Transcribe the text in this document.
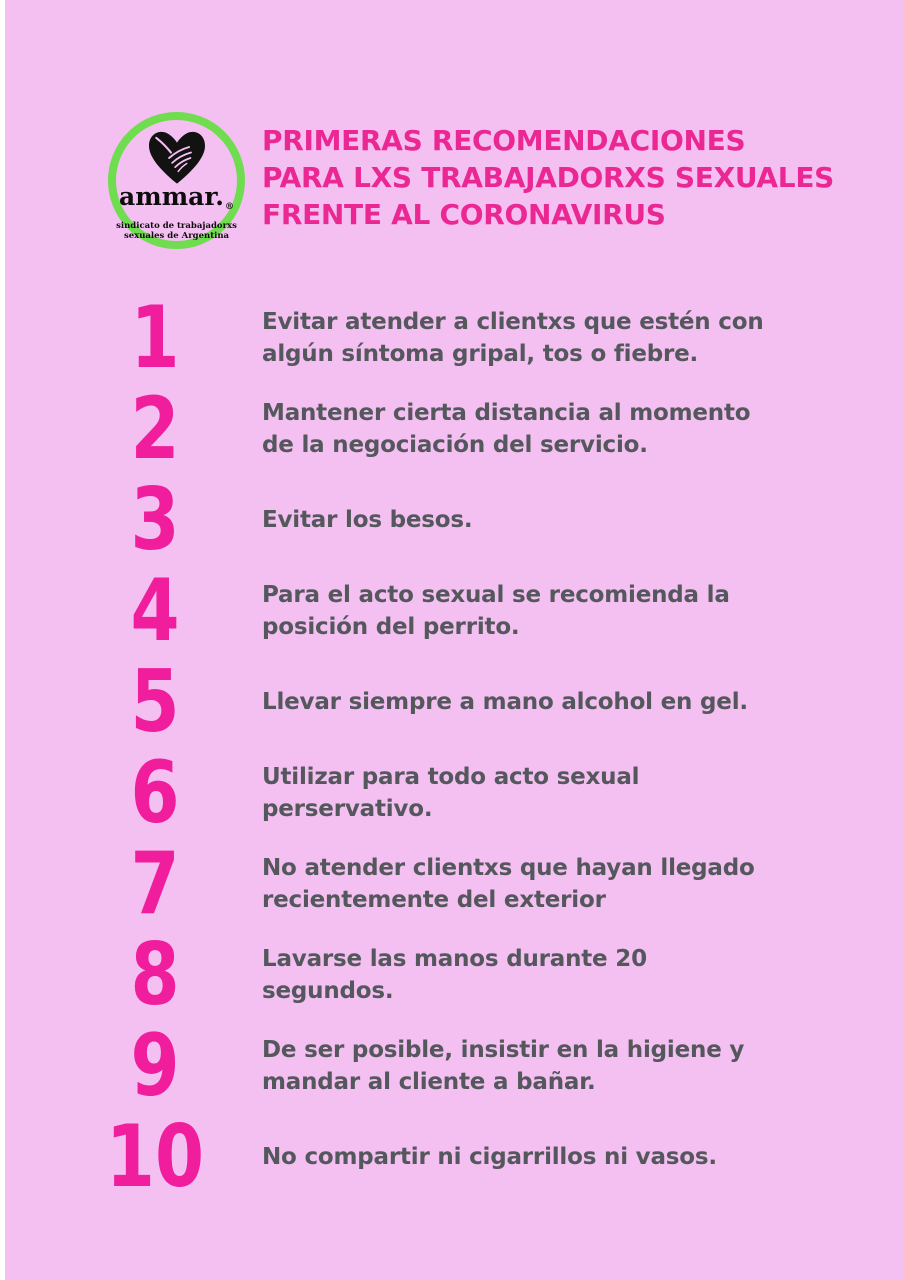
ammar.®
sindicato de trabajadorxs
sexuales de Argentina
PRIMERAS RECOMENDACIONES
PARA LXS TRABAJADORXS SEXUALES
FRENTE AL CORONAVIRUS
1	Evitar atender a clientxs que estén con
algún síntoma gripal, tos o fiebre.
2	Mantener cierta distancia al momento
de la negociación del servicio.
3	Evitar los besos.
4	Para el acto sexual se recomienda la
posición del perrito.
5	Llevar siempre a mano alcohol en gel.
6	Utilizar para todo acto sexual
perservativo.
7	No atender clientxs que hayan llegado
recientemente del exterior
8	Lavarse las manos durante 20
segundos.
9	De ser posible, insistir en la higiene y
mandar al cliente a bañar.
10	No compartir ni cigarrillos ni vasos.
